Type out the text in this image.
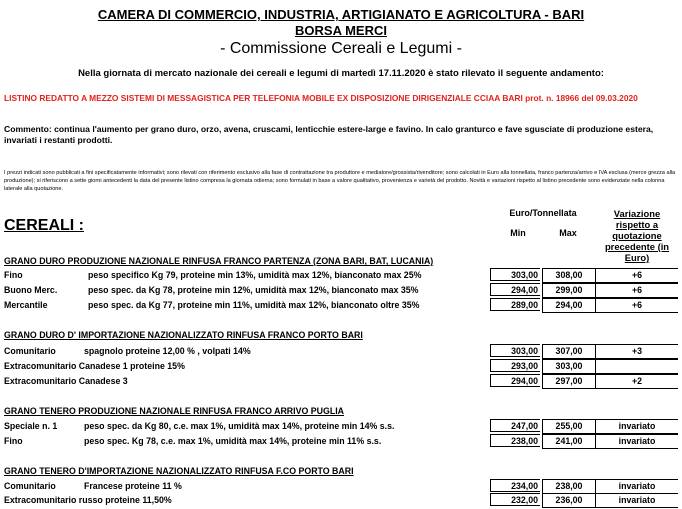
CAMERA DI COMMERCIO, INDUSTRIA, ARTIGIANATO E AGRICOLTURA - BARI
BORSA MERCI
- Commissione Cereali e Legumi -
Nella giornata di mercato nazionale dei cereali e legumi di martedì 17.11.2020 è stato rilevato il seguente andamento:
LISTINO REDATTO A MEZZO SISTEMI DI MESSAGISTICA PER TELEFONIA MOBILE EX DISPOSIZIONE DIRIGENZIALE CCIAA BARI prot. n. 18966 del 09.03.2020
Commento: continua l'aumento per grano duro, orzo, avena, cruscami, lenticchie estere-large e favino. In calo granturco e fave sgusciate di produzione estera, invariati i restanti prodotti.
I prezzi indicati sono pubblicati a fini specificatamente informativi; sono rilevati con riferimento esclusivo alla fase di contrattazione tra produttore e mediatore/grossista/rivenditore; sono calcolati in Euro alla tonnellata, franco partenza/arrivo e IVA esclusa (merce grezza alla produzione); si riferiscono a sette giorni antecedenti la data del presente listino compresa la giornata odierna; sono formulati in base a valore qualitativo, provenienza e varietà del prodotto. Novità e variazioni rispetto al listino precedente sono evidenziate nella colonna laterale alla quotazione.
CEREALI :
Euro/Tonnellata
Min	Max
Variazione rispetto a quotazione precedente (in Euro)
GRANO DURO PRODUZIONE NAZIONALE RINFUSA FRANCO PARTENZA (ZONA BARI, BAT, LUCANIA)
Fino	peso specifico Kg 79, proteine min 13%, umidità max 12%, bianconato max 25%	303,00	308,00	+6
Buono Merc.	peso spec. da Kg 78, proteine min 12%, umidità max 12%, bianconato max 35%	294,00	299,00	+6
Mercantile	peso spec. da Kg 77, proteine min 11%, umidità max 12%, bianconato oltre 35%	289,00	294,00	+6
GRANO DURO D' IMPORTAZIONE NAZIONALIZZATO RINFUSA FRANCO PORTO BARI
Comunitario	spagnolo proteine 12,00 % , volpati 14%	303,00	307,00	+3
Extracomunitario Canadese 1 proteine 15%	293,00	303,00
Extracomunitario Canadese 3	294,00	297,00	+2
GRANO TENERO PRODUZIONE NAZIONALE RINFUSA FRANCO ARRIVO PUGLIA
Speciale n. 1	peso spec. da Kg 80, c.e. max 1%, umidità max 14%, proteine min 14% s.s.	247,00	255,00	invariato
Fino	peso spec. Kg 78, c.e. max 1%, umidità max 14%, proteine min 11% s.s.	238,00	241,00	invariato
GRANO TENERO D'IMPORTAZIONE NAZIONALIZZATO RINFUSA F.CO PORTO BARI
Comunitario	Francese proteine 11 %	234,00	238,00	invariato
Extracomunitario russo proteine 11,50%	232,00	236,00	invariato
